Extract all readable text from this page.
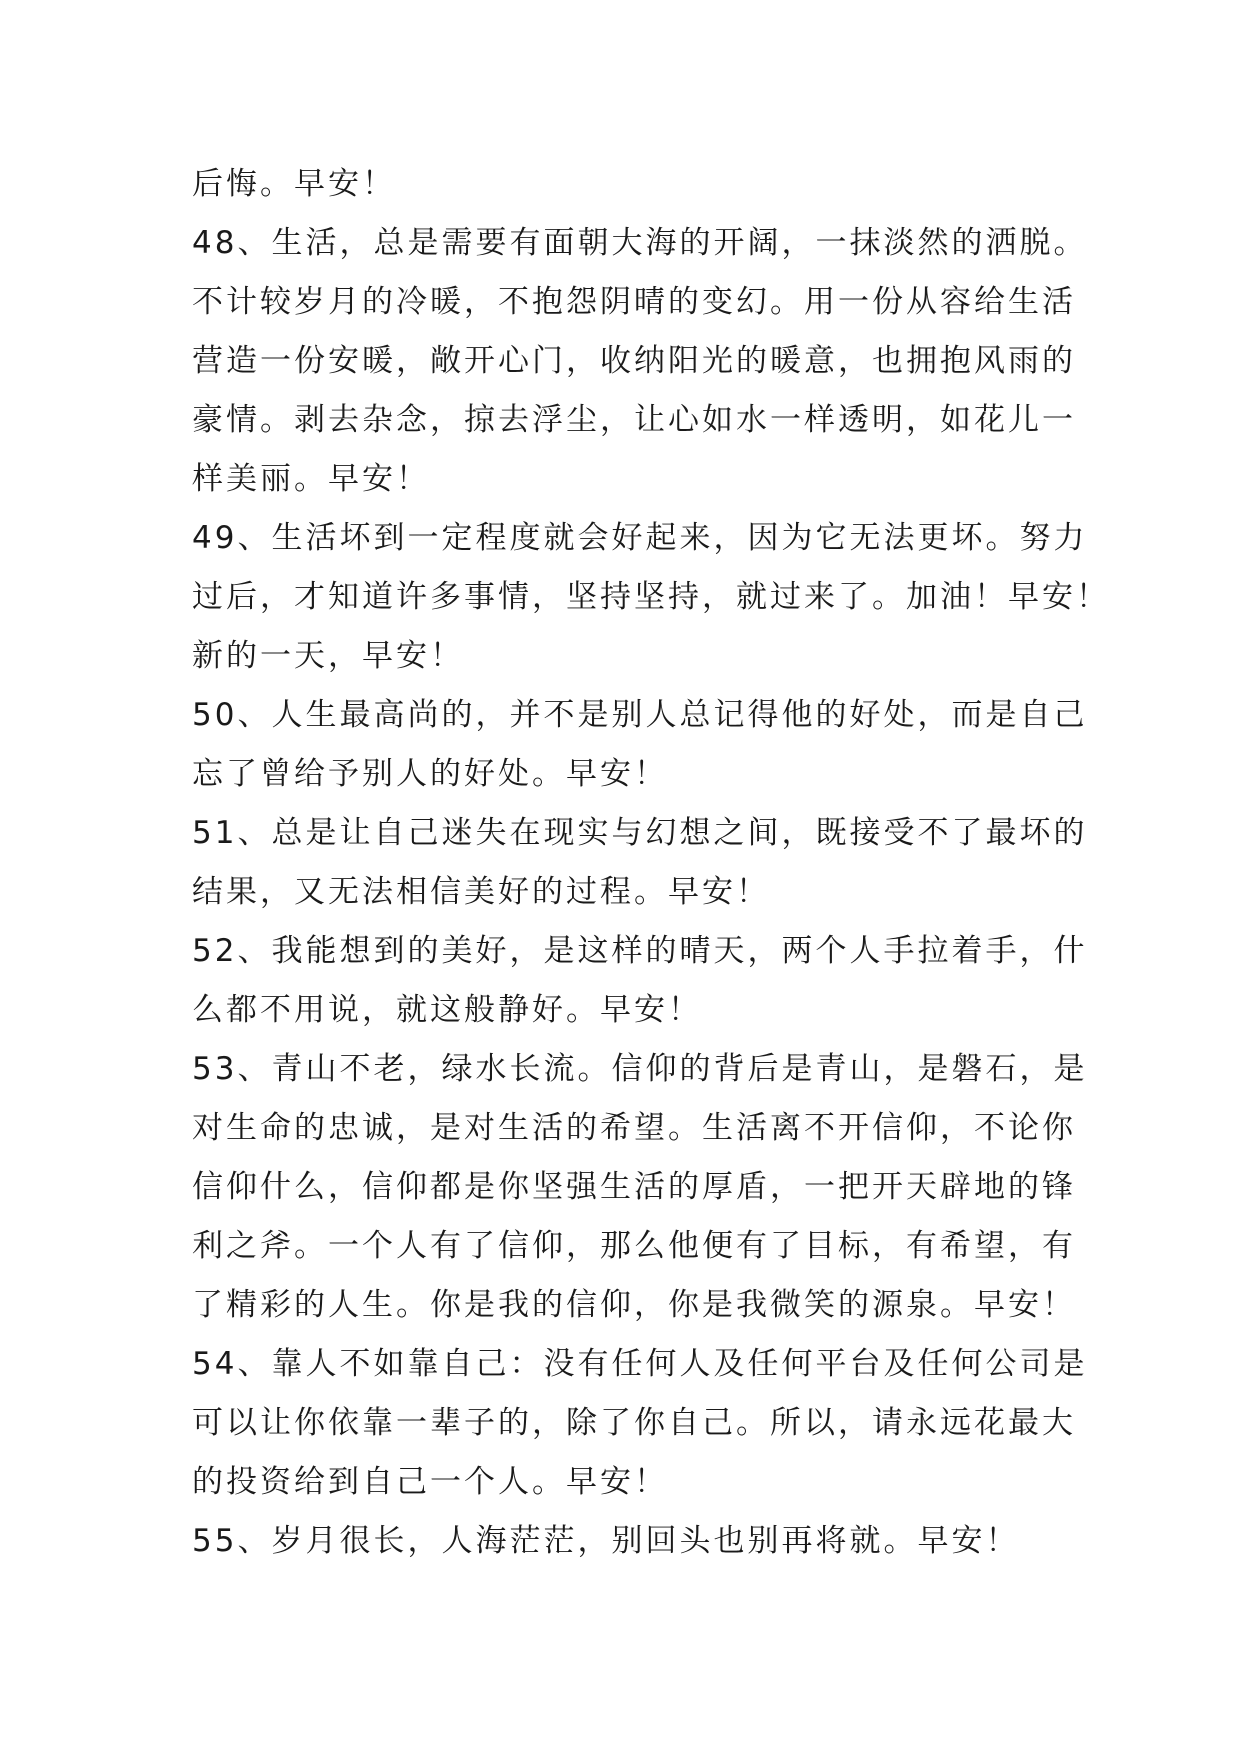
后悔。早安！
48、生活，总是需要有面朝大海的开阔，一抹淡然的洒脱。
不计较岁月的冷暖，不抱怨阴晴的变幻。用一份从容给生活
营造一份安暖，敞开心门，收纳阳光的暖意，也拥抱风雨的
豪情。剥去杂念，掠去浮尘，让心如水一样透明，如花儿一
样美丽。早安！
49、生活坏到一定程度就会好起来，因为它无法更坏。努力
过后，才知道许多事情，坚持坚持，就过来了。加油！早安！
新的一天，早安！
50、人生最高尚的，并不是别人总记得他的好处，而是自己
忘了曾给予别人的好处。早安！
51、总是让自己迷失在现实与幻想之间，既接受不了最坏的
结果，又无法相信美好的过程。早安！
52、我能想到的美好，是这样的晴天，两个人手拉着手，什
么都不用说，就这般静好。早安！
53、青山不老，绿水长流。信仰的背后是青山，是磐石，是
对生命的忠诚，是对生活的希望。生活离不开信仰，不论你
信仰什么，信仰都是你坚强生活的厚盾，一把开天辟地的锋
利之斧。一个人有了信仰，那么他便有了目标，有希望，有
了精彩的人生。你是我的信仰，你是我微笑的源泉。早安！
54、靠人不如靠自己：没有任何人及任何平台及任何公司是
可以让你依靠一辈子的，除了你自己。所以，请永远花最大
的投资给到自己一个人。早安！
55、岁月很长，人海茫茫，别回头也别再将就。早安！
